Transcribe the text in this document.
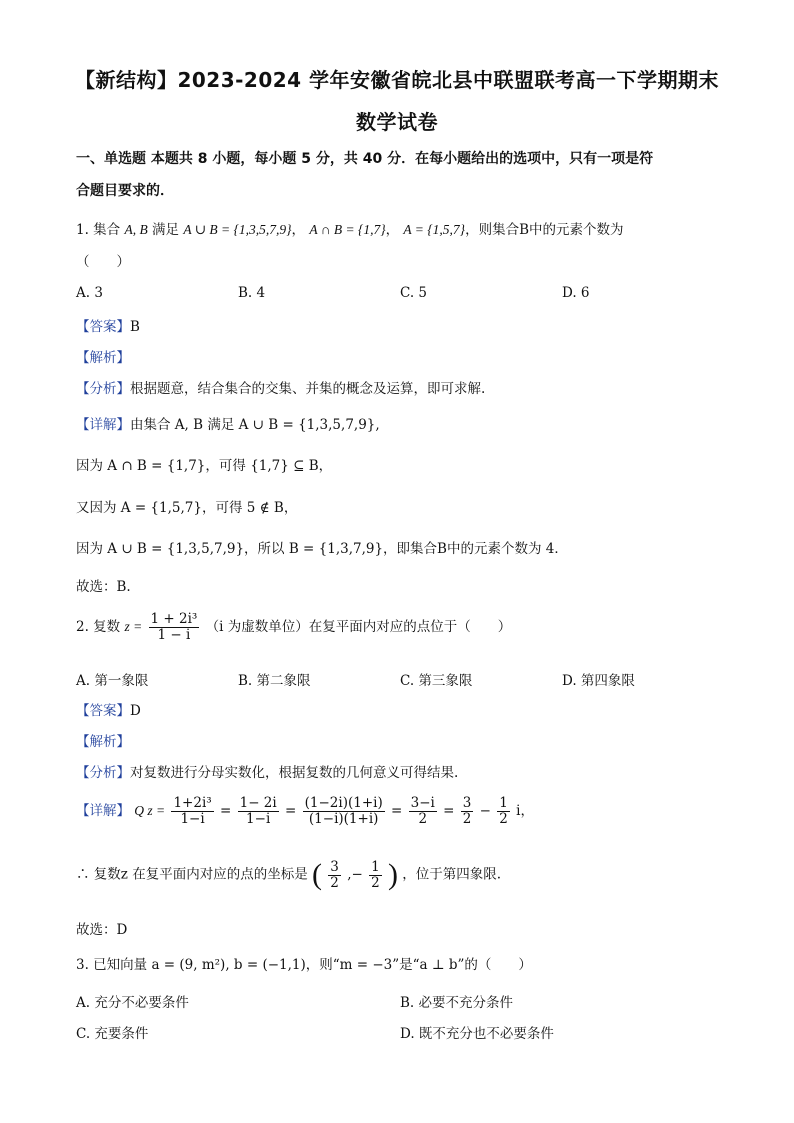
【新结构】2023-2024 学年安徽省皖北县中联盟联考高一下学期期末
数学试卷
一、单选题 本题共 8 小题，每小题 5 分，共 40 分．在每小题给出的选项中，只有一项是符
合题目要求的．
1. 集合 A, B 满足 A ∪ B = {1,3,5,7,9}， A ∩ B = {1,7}， A = {1,5,7}，则集合B中的元素个数为
（　　）
A. 3	B. 4	C. 5	D. 6
【答案】B
【解析】
【分析】根据题意，结合集合的交集、并集的概念及运算，即可求解.
【详解】由集合 A, B 满足 A ∪ B = {1,3,5,7,9},
因为 A ∩ B = {1,7}，可得 {1,7} ⊆ B，
又因为 A = {1,5,7}，可得 5 ∉ B，
因为 A ∪ B = {1,3,5,7,9}，所以 B = {1,3,7,9}，即集合B中的元素个数为 4．
故选：B.
2. 复数 $z = \frac{\text{1 + 2i³}}{1 - i} (i$ 为虚数单位）在复平面内对应的点位于（　　）
A. 第一象限	B. 第二象限	C. 第三象限	D. 第四象限
【答案】D
【解析】
【分析】对复数进行分母实数化，根据复数的几何意义可得结果.
【详解】 Q $z = \frac{\text{1+2i³}}{1-i} = \frac{1- 2i}{1-i} = \frac{(1-2i)(1+i)}{(1-i)(1+i)} = \frac{3-i}{2} = \frac{3}{2} - \frac{1}{2}$ i，
∴ 复数z 在复平面内对应的点的坐标是 ( $\frac{3}{2}$ ,− $\frac{1}{2}$ ) ，位于第四象限.
故选：D
3. 已知向量 a = (9, m²), b = (−1,1)，则“m = −3”是“a ⊥ b”的（　　）
A. 充分不必要条件	B. 必要不充分条件
C. 充要条件	D. 既不充分也不必要条件
